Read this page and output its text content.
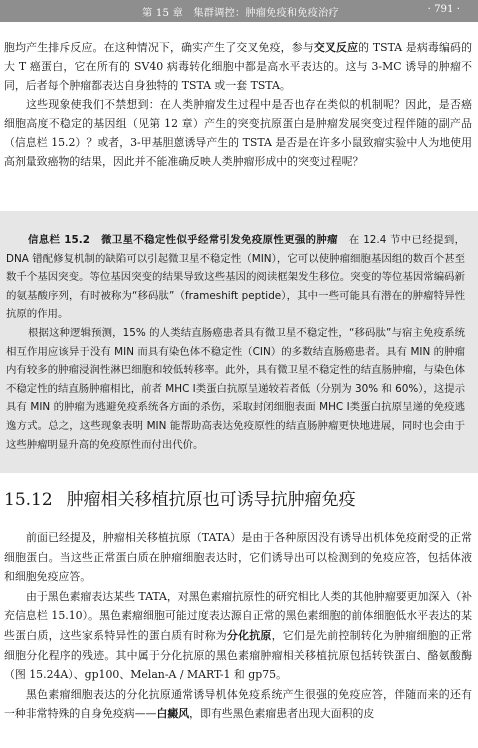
第 15 章　集群调控：肿瘤免疫和免疫治疗	· 791 ·

胞均产生排斥反应。在这种情况下，确实产生了交叉免疫，参与交叉反应的 TSTA 是病毒编码的大 T 癌蛋白，它在所有的 SV40 病毒转化细胞中都是高水平表达的。这与 3-MC 诱导的肿瘤不同，后者每个肿瘤都表达自身独特的 TSTA 或一套 TSTA。

这些现象使我们不禁想到：在人类肿瘤发生过程中是否也存在类似的机制呢？因此，是否癌细胞高度不稳定的基因组（见第 12 章）产生的突变抗原蛋白是肿瘤发展突变过程伴随的副产品（信息栏 15.2）？或者，3-甲基胆蒽诱导产生的 TSTA 是否是在许多小鼠致瘤实验中人为地使用高剂量致癌物的结果，因此并不能准确反映人类肿瘤形成中的突变过程呢？

信息栏 15.2　微卫星不稳定性似乎经常引发免疫原性更强的肿瘤　 在 12.4 节中已经提到，DNA 错配修复机制的缺陷可以引起微卫星不稳定性（MIN），它可以使肿瘤细胞基因组的数百个甚至数千个基因突变。等位基因突变的结果导致这些基因的阅读框架发生移位。突变的等位基因常编码新的氨基酸序列，有时被称为“移码肽”（frameshift peptide），其中一些可能具有潜在的肿瘤特异性抗原的作用。

根据这种逻辑预测，15% 的人类结直肠癌患者具有微卫星不稳定性，“移码肽”与宿主免疫系统相互作用应该异于没有 MIN 而具有染色体不稳定性（CIN）的多数结直肠癌患者。具有 MIN 的肿瘤内有较多的肿瘤浸润性淋巴细胞和较低转移率。此外，具有微卫星不稳定性的结直肠肿瘤，与染色体不稳定性的结直肠肿瘤相比，前者 MHC Ⅰ类蛋白抗原呈递较若者低（分别为 30% 和 60%），这提示具有 MIN 的肿瘤为逃避免疫系统各方面的杀伤，采取封闭细胞表面 MHC Ⅰ类蛋白抗原呈递的免疫逃逸方式。总之，这些现象表明 MIN 能帮助高表达免疫原性的结直肠肿瘤更快地进展，同时也会由于这些肿瘤明显升高的免疫原性而付出代价。

15.12 肿瘤相关移植抗原也可诱导抗肿瘤免疫

前面已经提及，肿瘤相关移植抗原（TATA）是由于各种原因没有诱导出机体免疫耐受的正常细胞蛋白。当这些正常蛋白质在肿瘤细胞表达时，它们诱导出可以检测到的免疫应答，包括体液和细胞免疫应答。

由于黑色素瘤表达某些 TATA，对黑色素瘤抗原性的研究相比人类的其他肿瘤要更加深入（补充信息栏 15.10）。黑色素瘤细胞可能过度表达源自正常的黑色素细胞的前体细胞低水平表达的某些蛋白质，这些家系特异性的蛋白质有时称为分化抗原，它们是先前控制转化为肿瘤细胞的正常细胞分化程序的残迹。其中属于分化抗原的黑色素瘤肿瘤相关移植抗原包括转铁蛋白、酪氨酸酶（图 15.24A）、gp100、Melan-A / MART-1 和 gp75。

黑色素瘤细胞表达的分化抗原通常诱导机体免疫系统产生很强的免疫应答，伴随而来的还有一种非常特殊的自身免疫病——白癜风，即有些黑色素瘤患者出现大面积的皮
